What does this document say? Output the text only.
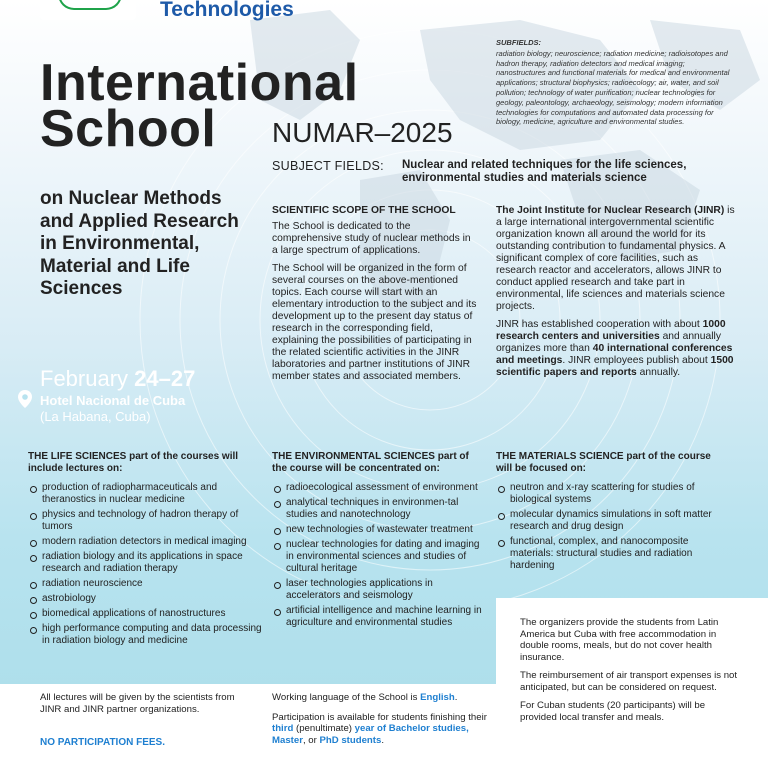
Technologies
SUBFIELDS:
radiation biology; neuroscience; radiation medicine; radioisotopes and hadron therapy, radiation detectors and medical imaging; nanostructures and functional materials for medical and environmental applications; structural biophysics; radioecology; air, water, and soil pollution; technology of water purification; nuclear technologies for geology, paleontology, archaeology, seismology; modern information technologies for computations and automated data processing for biology, medicine, agriculture and environmental studies.
International
School	NUMAR–2025
SUBJECT FIELDS: Nuclear and related techniques for the life sciences, environmental studies and materials science
on Nuclear Methods and Applied Research in Environmental, Material and Life Sciences
February 24–27
Hotel Nacional de Cuba
(La Habana, Cuba)
SCIENTIFIC SCOPE OF THE SCHOOL

The School is dedicated to the comprehensive study of nuclear methods in a large spectrum of applications.

The School will be organized in the form of several courses on the above-mentioned topics. Each course will start with an elementary introduction to the subject and its development up to the present day status of research in the corresponding field, explaining the possibilities of participating in the related scientific activities in the JINR laboratories and partner institutions of JINR member states and associated members.

The Joint Institute for Nuclear Research (JINR) is a large international intergovernmental scientific organization known all around the world for its outstanding contribution to fundamental physics. A significant complex of core facilities, such as research reactor and accelerators, allows JINR to conduct applied research and take part in environmental, life sciences and materials science projects.

JINR has established cooperation with about 1000 research centers and universities and annually organizes more than 40 international conferences and meetings. JINR employees publish about 1500 scientific papers and reports annually.

THE LIFE SCIENCES part of the courses will include lectures on:
production of radiopharmaceuticals and theranostics in nuclear medicine
physics and technology of hadron therapy of tumors
modern radiation detectors in medical imaging
radiation biology and its applications in space research and radiation therapy
radiation neuroscience
astrobiology
biomedical applications of nanostructures
high performance computing and data processing in radiation biology and medicine
THE ENVIRONMENTAL SCIENCES part of the course will be concentrated on:
radioecological assessment of environment
analytical techniques in environmen-tal studies and nanotechnology
new technologies of wastewater treatment
nuclear technologies for dating and imaging in environmental sciences and studies of cultural heritage
laser technologies applications in accelerators and seismology
artificial intelligence and machine learning in agriculture and environmental studies
THE MATERIALS SCIENCE part of the course will be focused on:
neutron and x-ray scattering for studies of biological systems
molecular dynamics simulations in soft matter research and drug design
functional, complex, and nanocomposite materials: structural studies and radiation hardening
All lectures will be given by the scientists from JINR and JINR partner organizations.
NO PARTICIPATION FEES.

Working language of the School is English.

Participation is available for students finishing their third (penultimate) year of Bachelor studies, Master, or PhD students.

The organizers provide the students from Latin America but Cuba with free accommodation in double rooms, meals, but do not cover health insurance.

The reimbursement of air transport expenses is not anticipated, but can be considered on request.

For Cuban students (20 participants) will be provided local transfer and meals.
